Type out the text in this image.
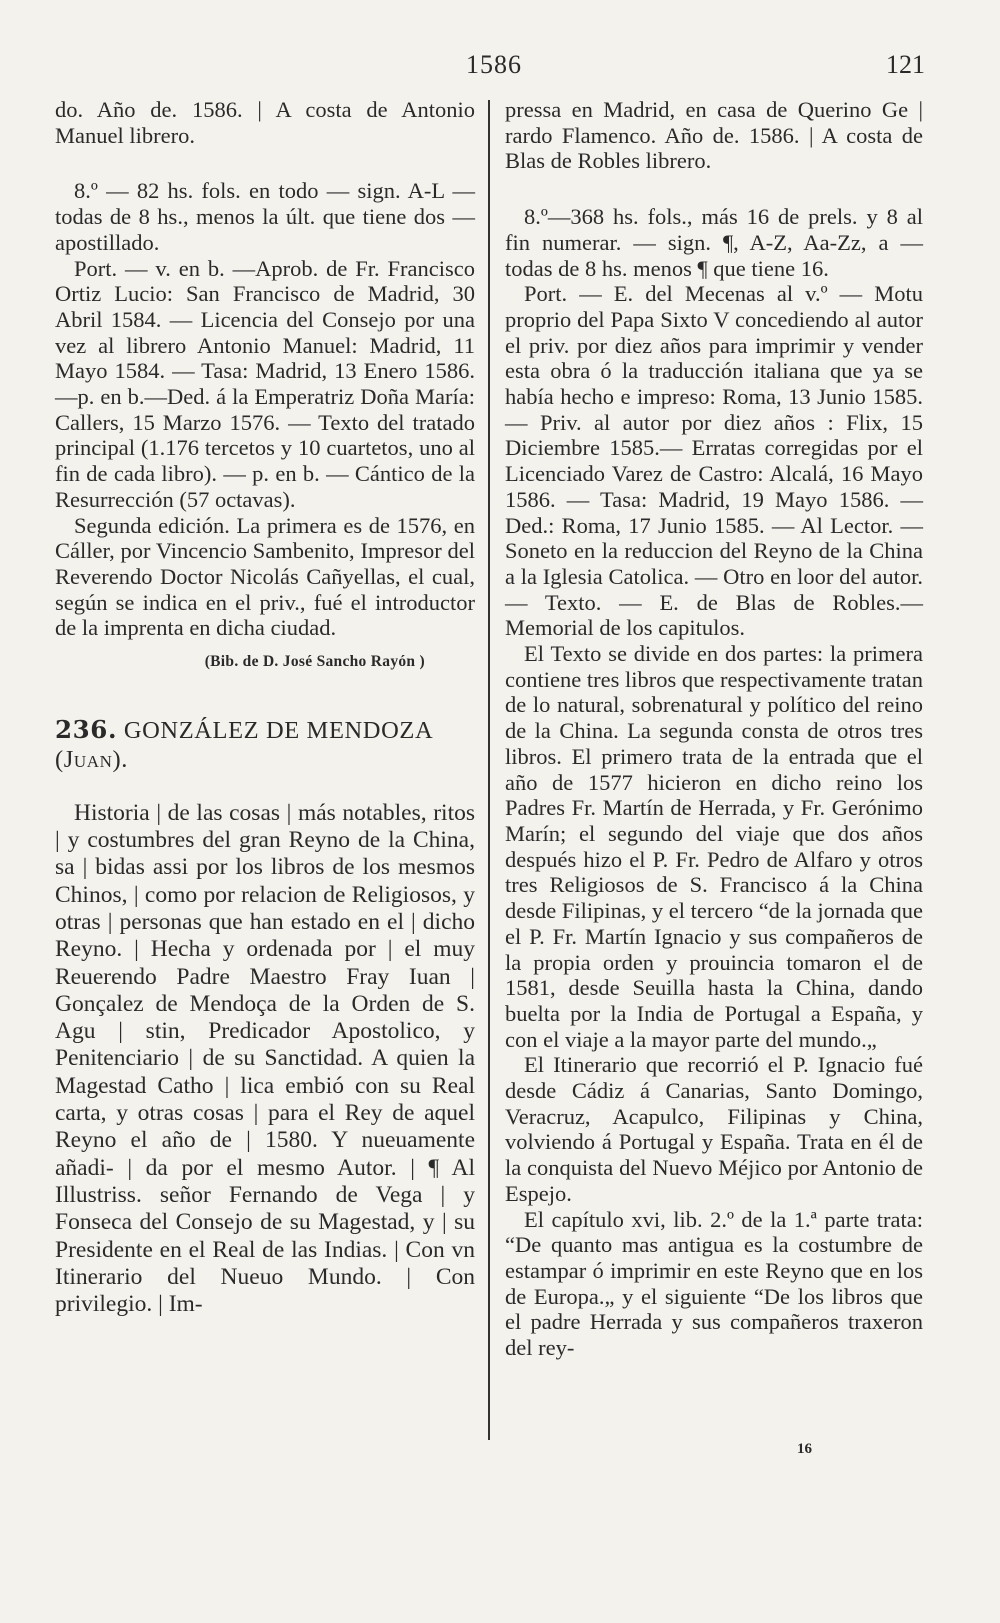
1586	121

do. Año de. 1586. | A costa de Antonio Manuel librero.

8.º — 82 hs. fols. en todo — sign. A-L — todas de 8 hs., menos la últ. que tiene dos — apostillado.

Port. — v. en b. —Aprob. de Fr. Francisco Ortiz Lucio: San Francisco de Madrid, 30 Abril 1584. — Licencia del Consejo por una vez al librero Antonio Manuel: Madrid, 11 Mayo 1584. — Tasa: Madrid, 13 Enero 1586.—p. en b.—Ded. á la Emperatriz Doña María: Callers, 15 Marzo 1576. — Texto del tratado principal (1.176 tercetos y 10 cuartetos, uno al fin de cada libro). — p. en b. — Cántico de la Resurrección (57 octavas).

Segunda edición. La primera es de 1576, en Cáller, por Vincencio Sambenito, Impresor del Reverendo Doctor Nicolás Cañyellas, el cual, según se indica en el priv., fué el introductor de la imprenta en dicha ciudad.

(Bib. de D. José Sancho Rayón )
236. GONZÁLEZ DE MENDOZA
(Juan).

Historia | de las cosas | más notables, ritos | y costumbres del gran Reyno de la China, sa | bidas assi por los libros de los mesmos Chinos, | como por relacion de Religiosos, y otras | personas que han estado en el | dicho Reyno. | Hecha y ordenada por | el muy Reuerendo Padre Maestro Fray Iuan | Gonçalez de Mendoça de la Orden de S. Agu | stin, Predicador Apostolico, y Penitenciario | de su Sanctidad. A quien la Magestad Catho | lica embió con su Real carta, y otras cosas | para el Rey de aquel Reyno el año de | 1580. Y nueuamente añadi- | da por el mesmo Autor. | ¶ Al Illustriss. señor Fernando de Vega | y Fonseca del Consejo de su Magestad, y | su Presidente en el Real de las Indias. | Con vn Itinerario del Nueuo Mundo. | Con privilegio. | Im-

pressa en Madrid, en casa de Querino Ge | rardo Flamenco. Año de. 1586. | A costa de Blas de Robles librero.

8.º—368 hs. fols., más 16 de prels. y 8 al fin numerar. — sign. ¶, A-Z, Aa-Zz, a — todas de 8 hs. menos ¶ que tiene 16.

Port. — E. del Mecenas al v.º — Motu proprio del Papa Sixto V concediendo al autor el priv. por diez años para imprimir y vender esta obra ó la traducción italiana que ya se había hecho e impreso: Roma, 13 Junio 1585. — Priv. al autor por diez años : Flix, 15 Diciembre 1585.— Erratas corregidas por el Licenciado Varez de Castro: Alcalá, 16 Mayo 1586. — Tasa: Madrid, 19 Mayo 1586. — Ded.: Roma, 17 Junio 1585. — Al Lector. — Soneto en la reduccion del Reyno de la China a la Iglesia Catolica. — Otro en loor del autor. — Texto. — E. de Blas de Robles.— Memorial de los capitulos.

El Texto se divide en dos partes: la primera contiene tres libros que respectivamente tratan de lo natural, sobrenatural y político del reino de la China. La segunda consta de otros tres libros. El primero trata de la entrada que el año de 1577 hicieron en dicho reino los Padres Fr. Martín de Herrada, y Fr. Gerónimo Marín; el segundo del viaje que dos años después hizo el P. Fr. Pedro de Alfaro y otros tres Religiosos de S. Francisco á la China desde Filipinas, y el tercero “de la jornada que el P. Fr. Martín Ignacio y sus compañeros de la propia orden y prouincia tomaron el de 1581, desde Seuilla hasta la China, dando buelta por la India de Portugal a España, y con el viaje a la mayor parte del mundo.„

El Itinerario que recorrió el P. Ignacio fué desde Cádiz á Canarias, Santo Domingo, Veracruz, Acapulco, Filipinas y China, volviendo á Portugal y España. Trata en él de la conquista del Nuevo Méjico por Antonio de Espejo.

El capítulo xvi, lib. 2.º de la 1.ª parte trata: “De quanto mas antigua es la costumbre de estampar ó imprimir en este Reyno que en los de Europa.„ y el siguiente “De los libros que el padre Herrada y sus compañeros traxeron del rey-

16
